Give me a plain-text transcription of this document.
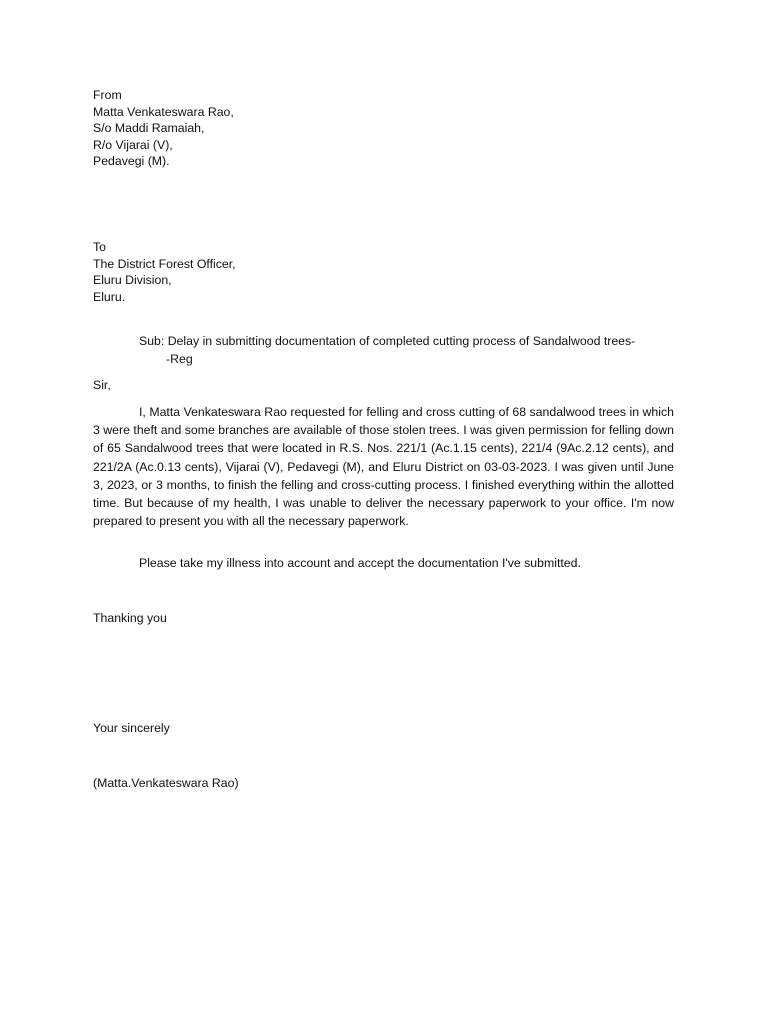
From
Matta Venkateswara Rao,
S/o Maddi Ramaiah,
R/o Vijarai (V),
Pedavegi (M).
To
The District Forest Officer,
Eluru Division,
Eluru.
Sub: Delay in submitting documentation of completed cutting process of Sandalwood trees-
-Reg
Sir,

I, Matta Venkateswara Rao requested for felling and cross cutting of 68 sandalwood trees in which 3 were theft and some branches are available of those stolen trees. I was given permission for felling down of 65 Sandalwood trees that were located in R.S. Nos. 221/1 (Ac.1.15 cents), 221/4 (9Ac.2.12 cents), and 221/2A (Ac.0.13 cents), Vijarai (V), Pedavegi (M), and Eluru District on 03-03-2023. I was given until June 3, 2023, or 3 months, to finish the felling and cross-cutting process. I finished everything within the allotted time. But because of my health, I was unable to deliver the necessary paperwork to your office. I'm now prepared to present you with all the necessary paperwork.

Please take my illness into account and accept the documentation I've submitted.
Thanking you
Your sincerely
(Matta.Venkateswara Rao)
